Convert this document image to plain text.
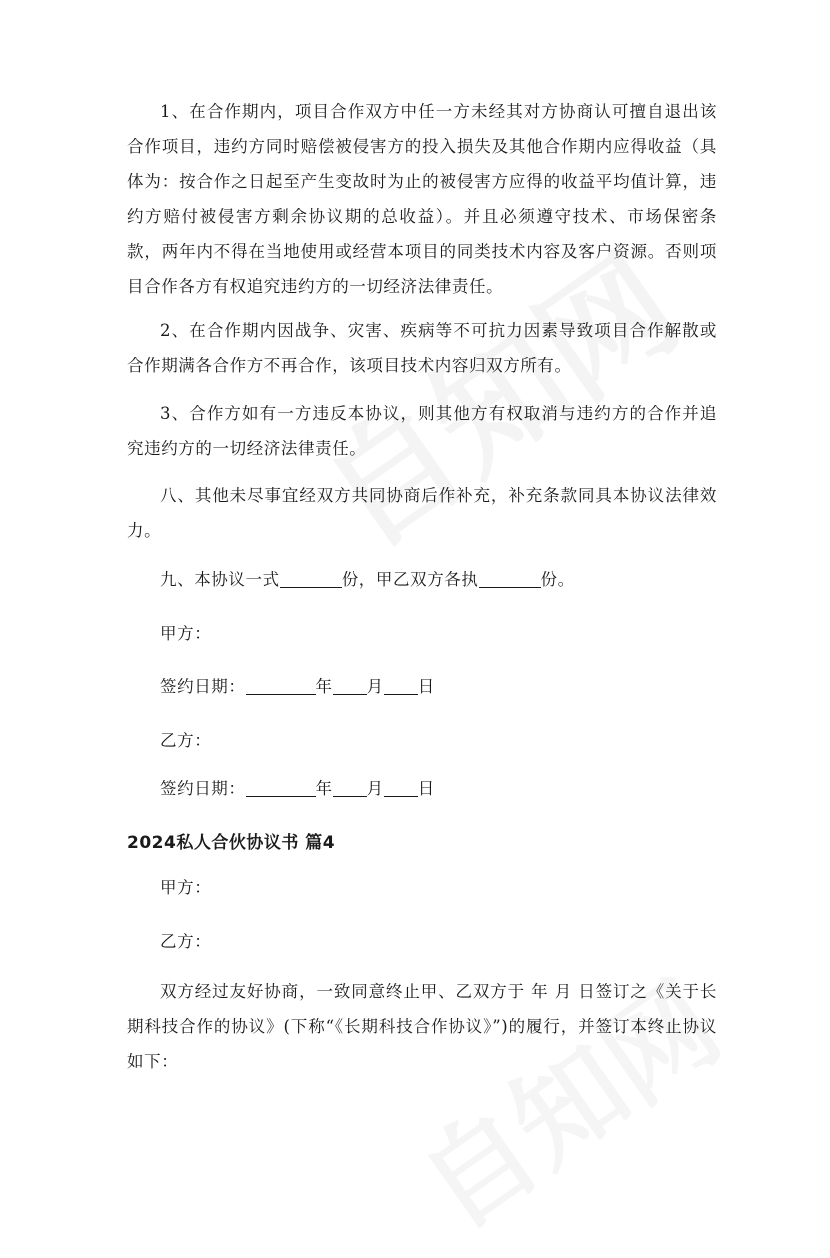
1、在合作期内，项目合作双方中任一方未经其对方协商认可擅自退出该合作项目，违约方同时赔偿被侵害方的投入损失及其他合作期内应得收益（具体为：按合作之日起至产生变故时为止的被侵害方应得的收益平均值计算，违约方赔付被侵害方剩余协议期的总收益）。并且必须遵守技术、市场保密条款，两年内不得在当地使用或经营本项目的同类技术内容及客户资源。否则项目合作各方有权追究违约方的一切经济法律责任。

2、在合作期内因战争、灾害、疾病等不可抗力因素导致项目合作解散或合作期满各合作方不再合作，该项目技术内容归双方所有。

3、合作方如有一方违反本协议，则其他方有权取消与违约方的合作并追究违约方的一切经济法律责任。

八、其他未尽事宜经双方共同协商后作补充，补充条款同具本协议法律效力。

九、本协议一式	份，甲乙双方各执	份。

甲方：

签约日期：	年 月 日

乙方：

签约日期：	年 月 日

2024私人合伙协议书 篇4

甲方：

乙方：

双方经过友好协商，一致同意终止甲、乙双方于 年 月 日签订之《关于长期科技合作的协议》(下称“《长期科技合作协议》”)的履行，并签订本终止协议如下：
